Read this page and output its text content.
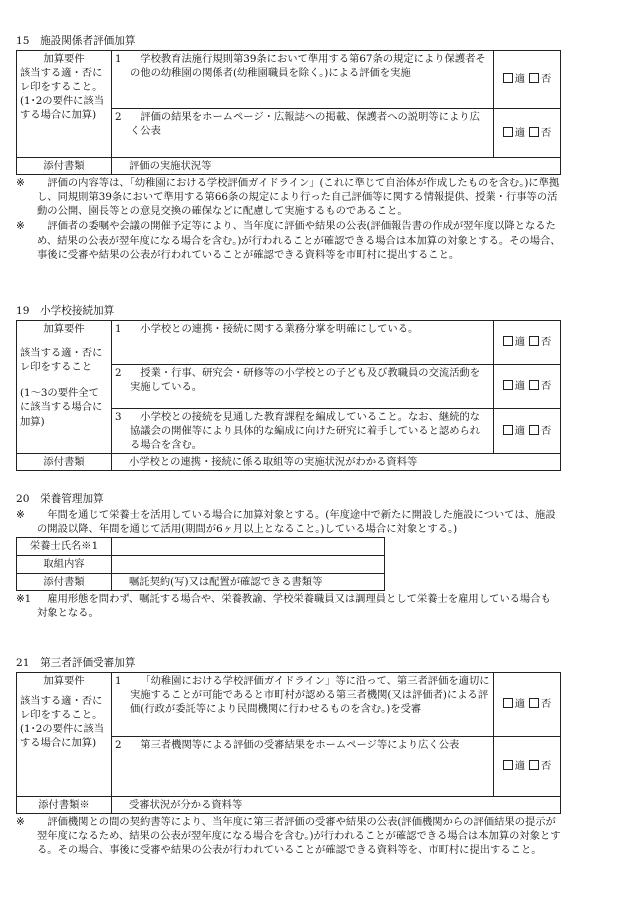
15　施設関係者評価加算
加算要件
該当する適・否にレ印をすること。
(1･2の要件に該当する場合に加算)	1	学校教育法施行規則第39条において準用する第67条の規定により保護者その他の幼稚園の関係者(幼稚園職員を除く。)による評価を実施	適 否
	2	評価の結果をホームページ・広報誌への掲載、保護者への説明等により広く公表	適 否
添付書類	評価の実施状況等		
※	評価の内容等は、「幼稚園における学校評価ガイドライン」(これに準じて自治体が作成したものを含む。)に準拠し、同規則第39条において準用する第66条の規定により行った自己評価等に関する情報提供、授業・行事等の活動の公開、園長等との意見交換の確保などに配慮して実施するものであること。
※	評価者の委嘱や会議の開催予定等により、当年度に評価や結果の公表(評価報告書の作成が翌年度以降となるため、結果の公表が翌年度になる場合を含む。)が行われることが確認できる場合は本加算の対象とする。その場合、事後に受審や結果の公表が行われていることが確認できる資料等を市町村に提出すること。
19　小学校接続加算
加算要件
該当する適・否にレ印をすること
(1～3の要件全てに該当する場合に加算)	1	小学校との連携・接続に関する業務分掌を明確にしている。	適 否
	2	授業・行事、研究会・研修等の小学校との子ども及び教職員の交流活動を実施している。	適 否
	3	小学校との接続を見通した教育課程を編成していること。なお、継続的な協議会の開催等により具体的な編成に向けた研究に着手していると認められる場合を含む。	適 否
添付書類	小学校との連携・接続に係る取組等の実施状況がわかる資料等		
20　栄養管理加算
※	年間を通じて栄養士を活用している場合に加算対象とする。(年度途中で新たに開設した施設については、施設の開設以降、年間を通じて活用(期間が6ヶ月以上となること。)している場合に対象とする。)
栄養士氏名※1	
取組内容	
添付書類	嘱託契約(写)又は配置が確認できる書類等
※1	雇用形態を問わず、嘱託する場合や、栄養教諭、学校栄養職員又は調理員として栄養士を雇用している場合も対象となる。
21　第三者評価受審加算
加算要件
該当する適・否にレ印をすること。
(1･2の要件に該当する場合に加算)	1	「幼稚園における学校評価ガイドライン」等に沿って、第三者評価を適切に実施することが可能であると市町村が認める第三者機関(又は評価者)による評価(行政が委託等により民間機関に行わせるものを含む。)を受審	適 否
	2	第三者機関等による評価の受審結果をホームページ等により広く公表	適 否
添付書類※	受審状況が分かる資料等		
※	評価機関との間の契約書等により、当年度に第三者評価の受審や結果の公表(評価機関からの評価結果の提示が翌年度になるため、結果の公表が翌年度になる場合を含む。)が行われることが確認できる場合は本加算の対象とする。その場合、事後に受審や結果の公表が行われていることが確認できる資料等を、市町村に提出すること。
